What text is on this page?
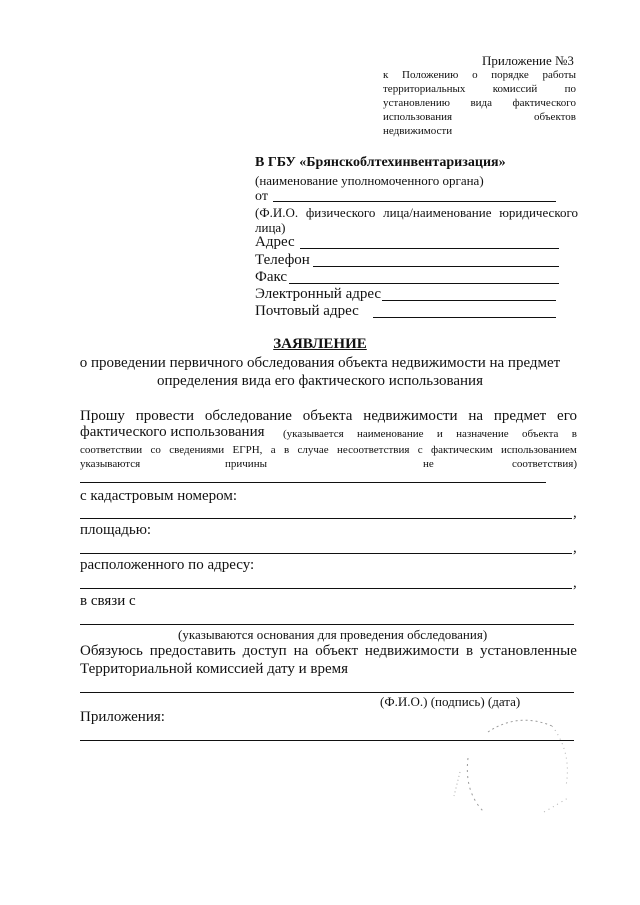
Приложение №3
к Положению о порядке работы
территориальных комиссий по
установлению вида фактического
использования	объектов
недвижимости
В ГБУ «Брянскоблтехинвентаризация»
(наименование уполномоченного органа)
от
(Ф.И.О. физического лица/наименование юридического
лица)
Адрес
Телефон
Факс
Электронный адрес
Почтовый адрес
ЗАЯВЛЕНИЕ
о проведении первичного обследования объекта недвижимости на предмет
определения вида его фактического использования
Прошу провести обследование объекта недвижимости на предмет его
фактического использования (указывается наименование и назначение объекта в
соответствии со сведениями ЕГРН, а в случае несоответствия с фактическим использованием
указываются	причины	не	соответствия)
с кадастровым номером:
,
площадью:
,
расположенного по адресу:
,
в связи с
(указываются основания для проведения обследования)
Обязуюсь предоставить доступ на объект недвижимости в установленные
Территориальной комиссией дату и время
(Ф.И.О.) (подпись) (дата)
Приложения:
